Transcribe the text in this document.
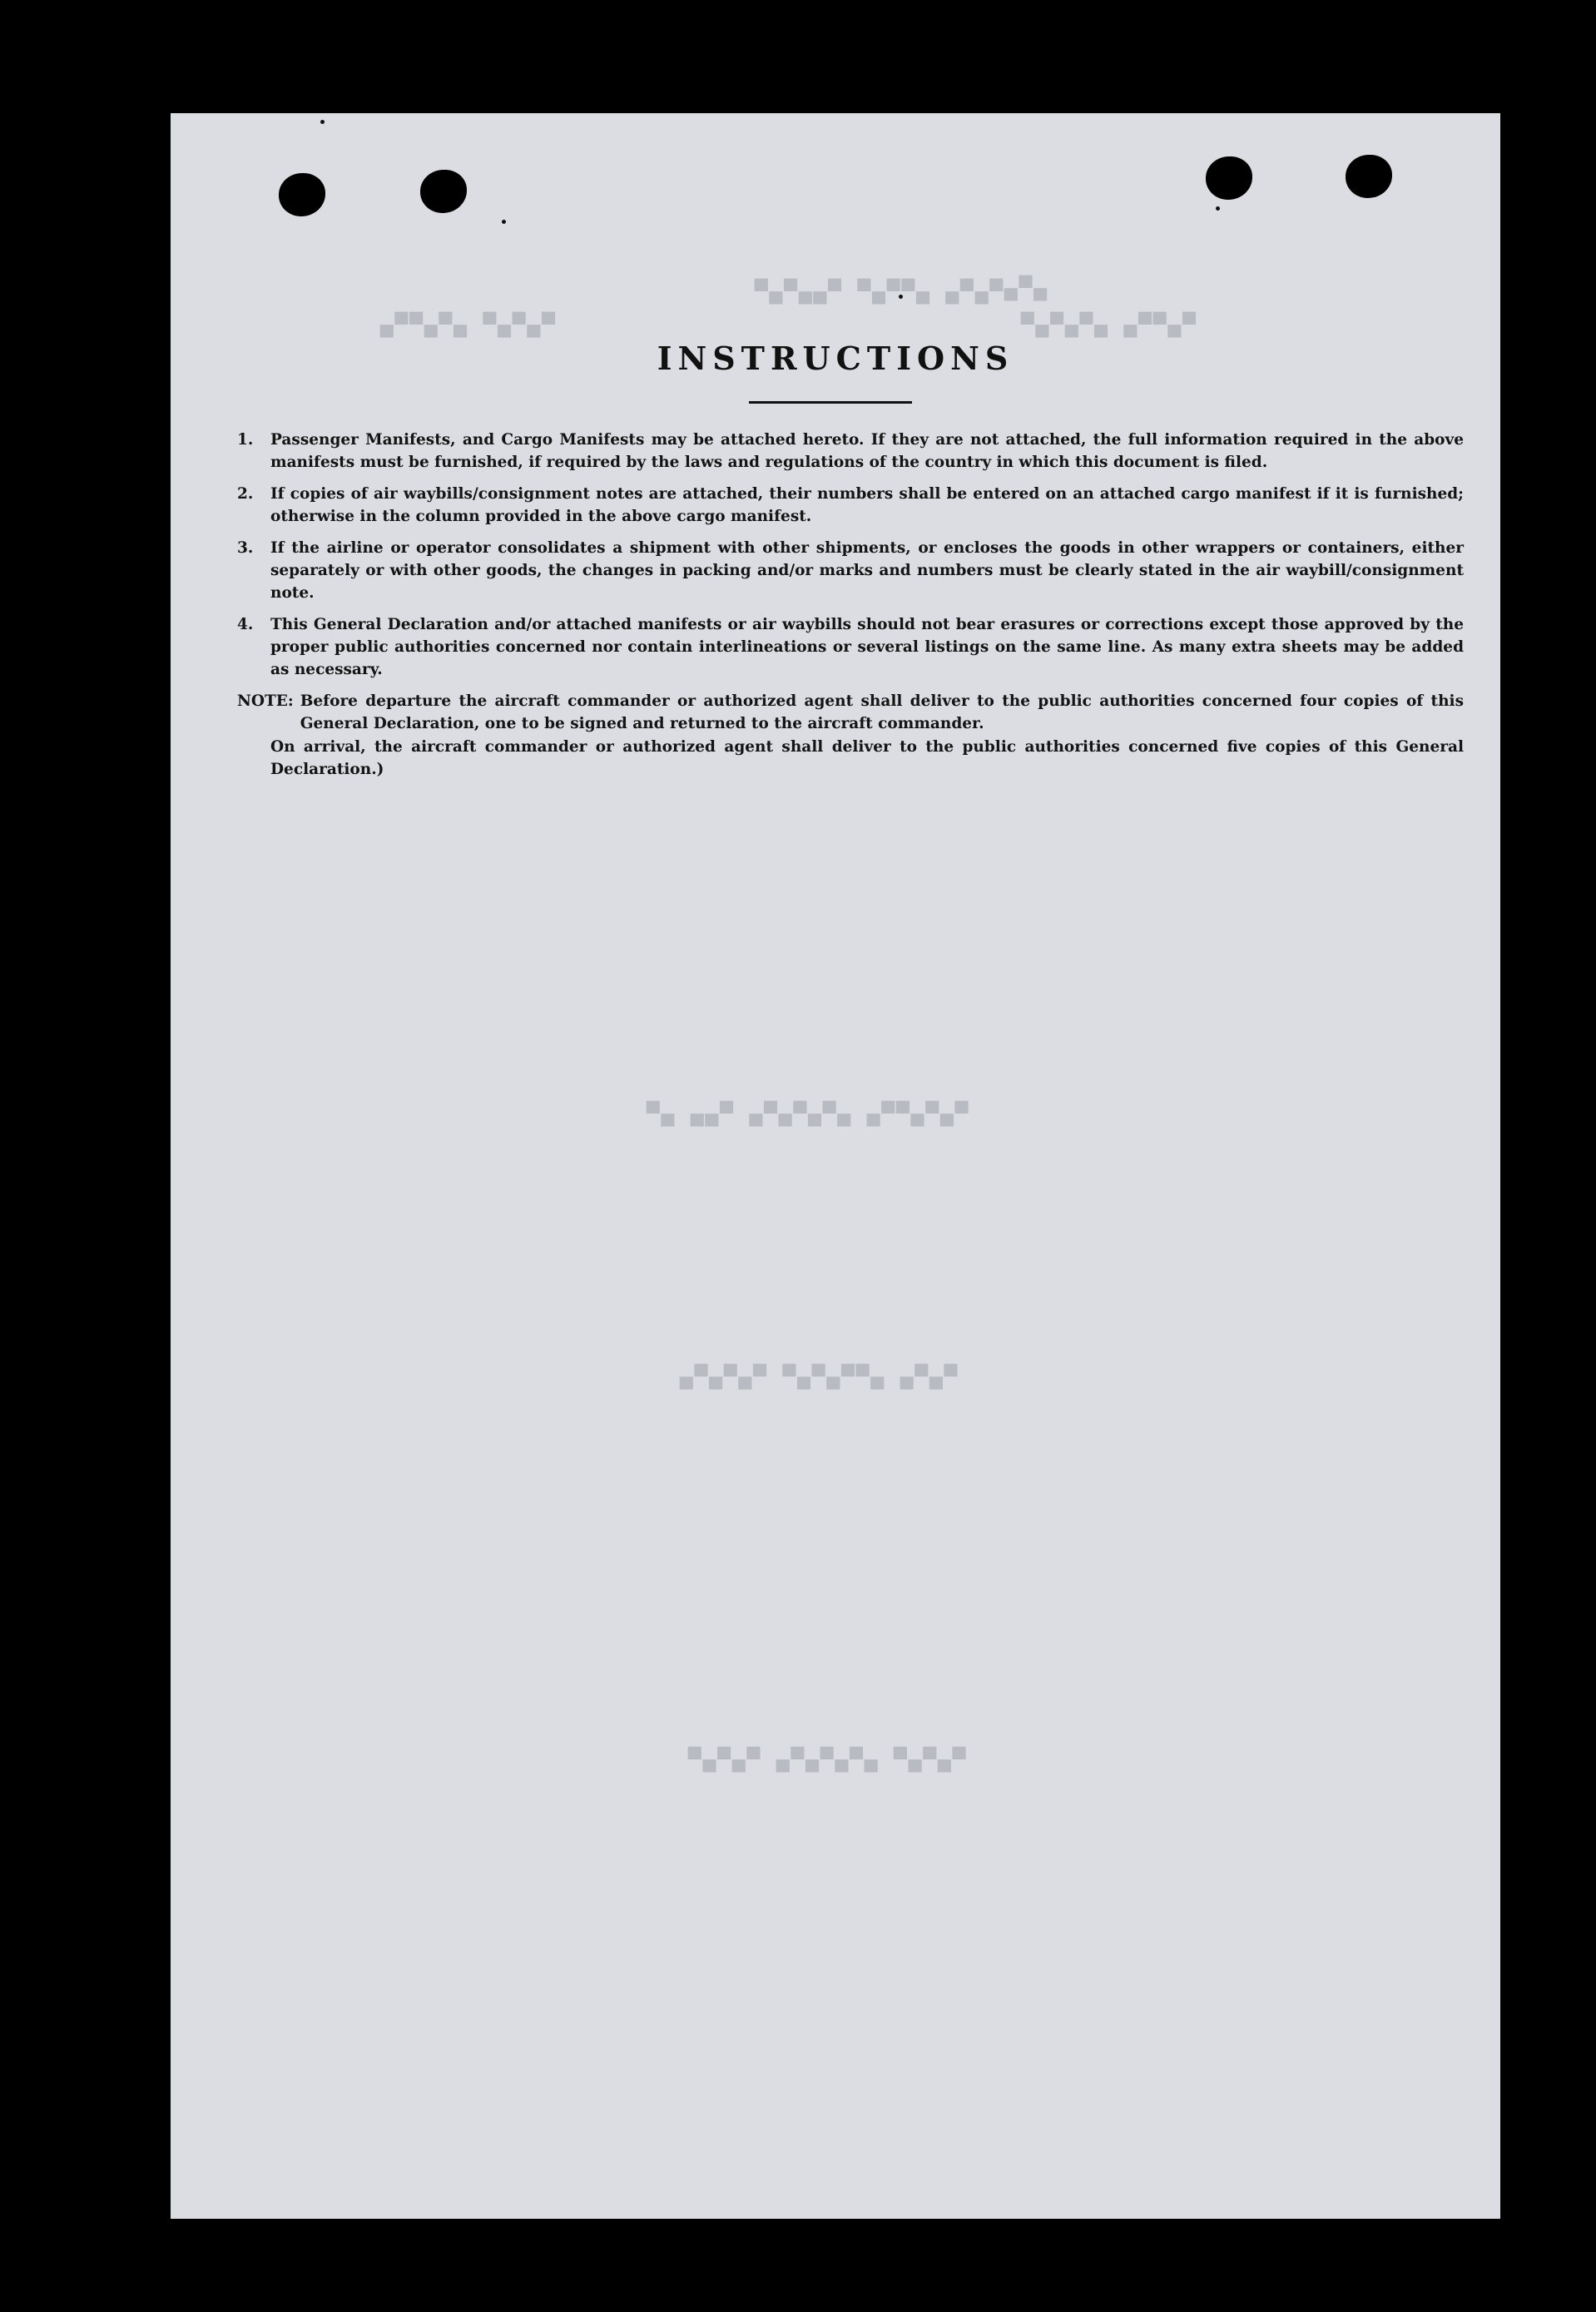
▀▄▀▄ ▄▀▀▄▀ ▀▄▄▀▄▀ ▄▀▄
▀▄▀▄▀ ▄▀▄▀▀▄	▀▄▀▀▄ ▄▀▄▀▄▀
▀▄▀▄▀▀▄ ▄▀▄▀▄▀▄ ▀▄▄ ▄▀
▀▄▀▄ ▄▀▀▄▀▄▀ ▀▄▀▄▀▄
▀▄▀▄▀ ▄▀▄▀▄▀▄ ▀▄▀▄▀
INSTRUCTIONS
1.	Passenger Manifests, and Cargo Manifests may be attached hereto. If they are not attached, the full information required in the above manifests must be furnished, if required by the laws and regulations of the country in which this document is filed.
2.	If copies of air waybills/consignment notes are attached, their numbers shall be entered on an attached cargo manifest if it is furnished; otherwise in the column provided in the above cargo manifest.
3.	If the airline or operator consolidates a shipment with other shipments, or encloses the goods in other wrappers or containers, either separately or with other goods, the changes in packing and/or marks and numbers must be clearly stated in the air waybill/consignment note.
4.	This General Declaration and/or attached manifests or air waybills should not bear erasures or corrections except those approved by the proper public authorities concerned nor contain interlineations or several listings on the same line. As many extra sheets may be added as necessary.
NOTE: Before departure the aircraft commander or authorized agent shall deliver to the public authorities concerned four copies of this General Declaration, one to be signed and returned to the aircraft commander.
On arrival, the aircraft commander or authorized agent shall deliver to the public authorities concerned five copies of this General Declaration.)
